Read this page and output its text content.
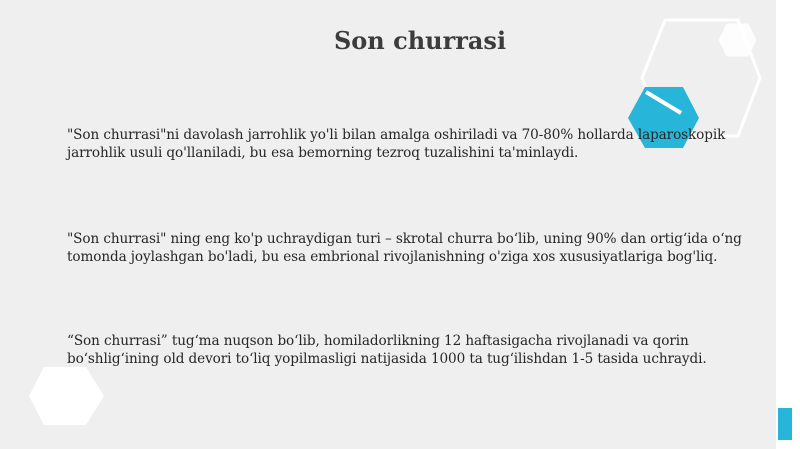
Son churrasi

"Son churrasi"ni davolash jarrohlik yo'li bilan amalga oshiriladi va 70-80% hollarda laparoskopik jarrohlik usuli qo'llaniladi, bu esa bemorning tezroq tuzalishini ta'minlaydi.

"Son churrasi" ning eng ko'p uchraydigan turi – skrotal churra bo‘lib, uning 90% dan ortig‘ida o‘ng tomonda joylashgan bo'ladi, bu esa embrional rivojlanishning o'ziga xos xususiyatlariga bog'liq.

“Son churrasi” tug‘ma nuqson bo‘lib, homiladorlikning 12 haftasigacha rivojlanadi va qorin bo‘shlig‘ining old devori to‘liq yopilmasligi natijasida 1000 ta tug‘ilishdan 1-5 tasida uchraydi.
